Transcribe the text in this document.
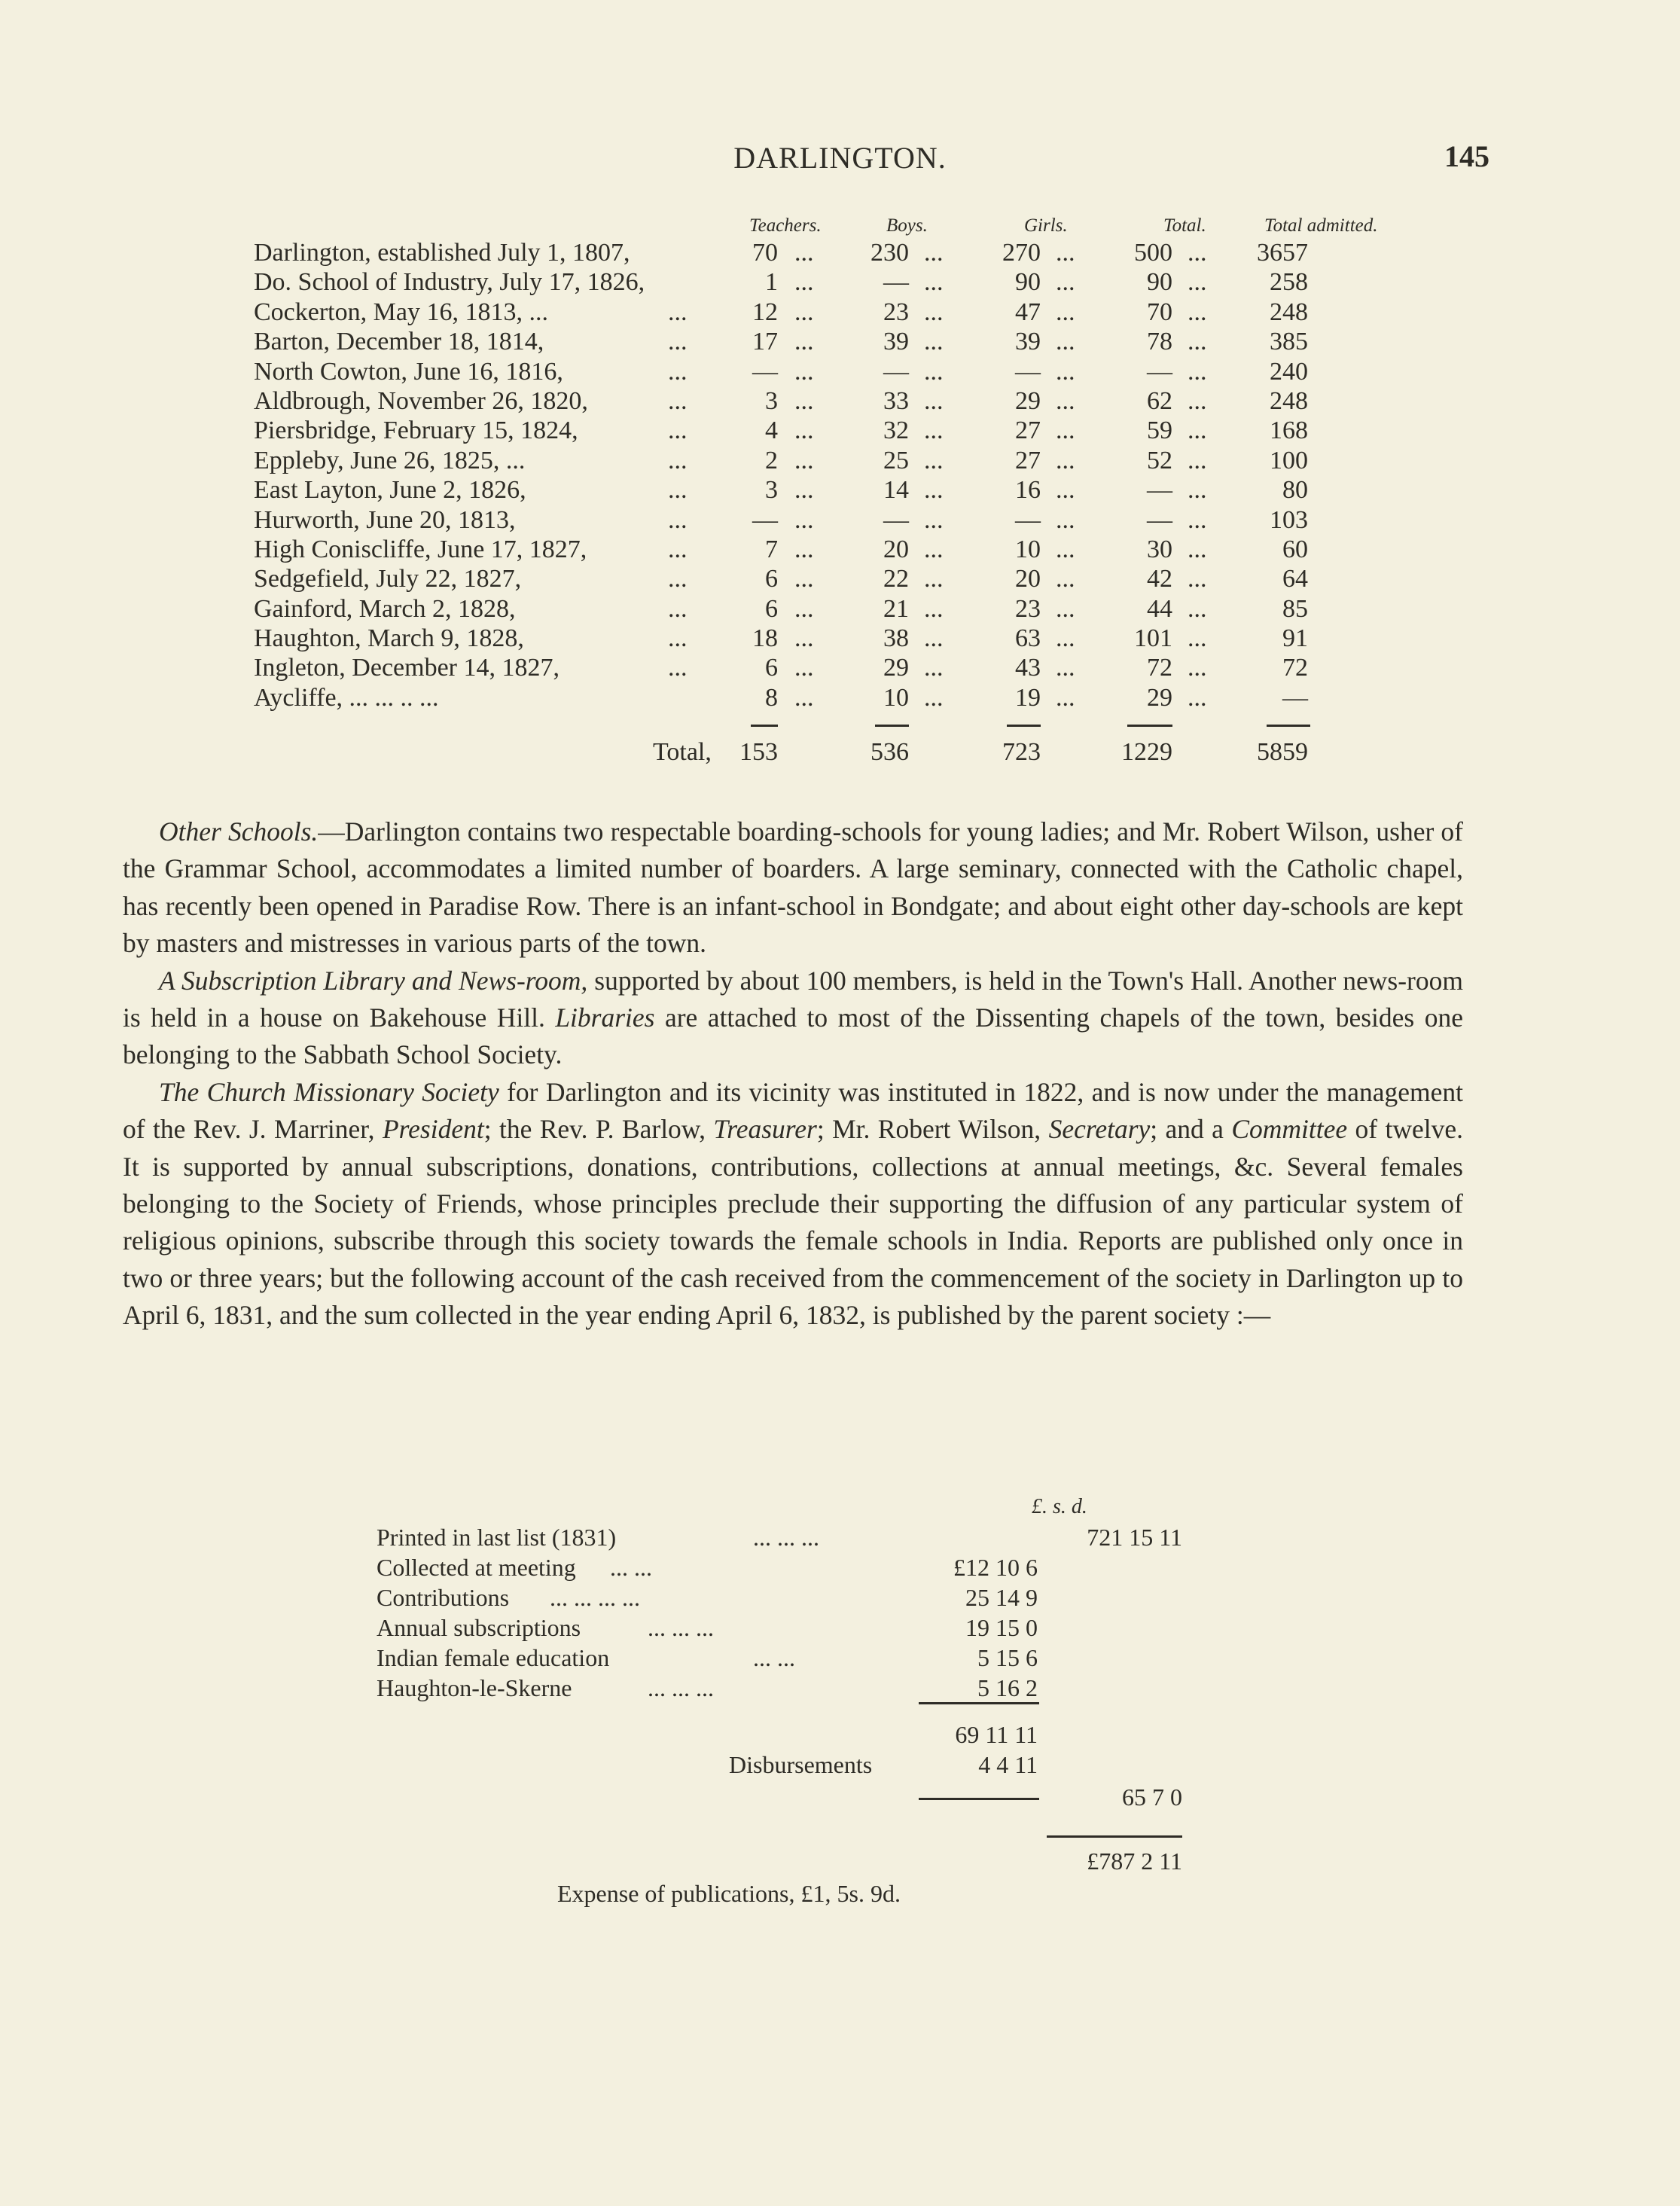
DARLINGTON.	145
Teachers.	Boys.	Girls.	Total.	Total admitted.
Darlington, established July 1, 1807,	70 ...	230 ...	270 ...	500 ...	3657
Do. School of Industry, July 17, 1826,	1 ...	— ...	90 ...	90 ...	258
Cockerton, May 16, 1813, ...	...	12 ...	23 ...	47 ...	70 ...	248
Barton, December 18, 1814,	...	17 ...	39 ...	39 ...	78 ...	385
North Cowton, June 16, 1816,	...	— ...	— ...	— ...	— ...	240
Aldbrough, November 26, 1820,	...	3 ...	33 ...	29 ...	62 ...	248
Piersbridge, February 15, 1824,	...	4 ...	32 ...	27 ...	59 ...	168
Eppleby, June 26, 1825, ...	...	2 ...	25 ...	27 ...	52 ...	100
East Layton, June 2, 1826,	...	3 ...	14 ...	16 ...	— ...	80
Hurworth, June 20, 1813,	...	— ...	— ...	— ...	— ...	103
High Coniscliffe, June 17, 1827,	...	7 ...	20 ...	10 ...	30 ...	60
Sedgefield, July 22, 1827,	...	6 ...	22 ...	20 ...	42 ...	64
Gainford, March 2, 1828,	...	6 ...	21 ...	23 ...	44 ...	85
Haughton, March 9, 1828,	...	18 ...	38 ...	63 ...	101 ...	91
Ingleton, December 14, 1827,	...	6 ...	29 ...	43 ...	72 ...	72
Aycliffe, ... ... .. ...	8 ...	10 ...	19 ...	29 ...	—
Total, 153	536	723	1229	5859

Other Schools.—Darlington contains two respectable boarding-schools for young ladies; and Mr. Robert Wilson, usher of the Grammar School, accommodates a limited number of boarders. A large seminary, connected with the Catholic chapel, has recently been opened in Paradise Row. There is an infant-school in Bondgate; and about eight other day-schools are kept by masters and mistresses in various parts of the town.

A Subscription Library and News-room, supported by about 100 members, is held in the Town's Hall. Another news-room is held in a house on Bakehouse Hill. Libraries are attached to most of the Dissenting chapels of the town, besides one belonging to the Sabbath School Society.

The Church Missionary Society for Darlington and its vicinity was instituted in 1822, and is now under the management of the Rev. J. Marriner, President; the Rev. P. Barlow, Treasurer; Mr. Robert Wilson, Secretary; and a Committee of twelve. It is supported by annual subscriptions, donations, contributions, collections at annual meetings, &c. Several females belonging to the Society of Friends, whose principles preclude their supporting the diffusion of any particular system of religious opinions, subscribe through this society towards the female schools in India. Reports are published only once in two or three years; but the following account of the cash received from the commencement of the society in Darlington up to April 6, 1831, and the sum collected in the year ending April 6, 1832, is published by the parent society :—

£. s. d.
Printed in last list (1831)	... ... ...	721 15 11
Collected at meeting ... ...	£12 10 6
Contributions ... ... ... ...	25 14 9
Annual subscriptions	... ... ...	19 15 0
Indian female education	... ...	5 15 6
Haughton-le-Skerne	... ... ...	5 16 2
69 11 11
Disbursements	4 4 11
65 7 0
£787 2 11
Expense of publications, £1, 5s. 9d.
